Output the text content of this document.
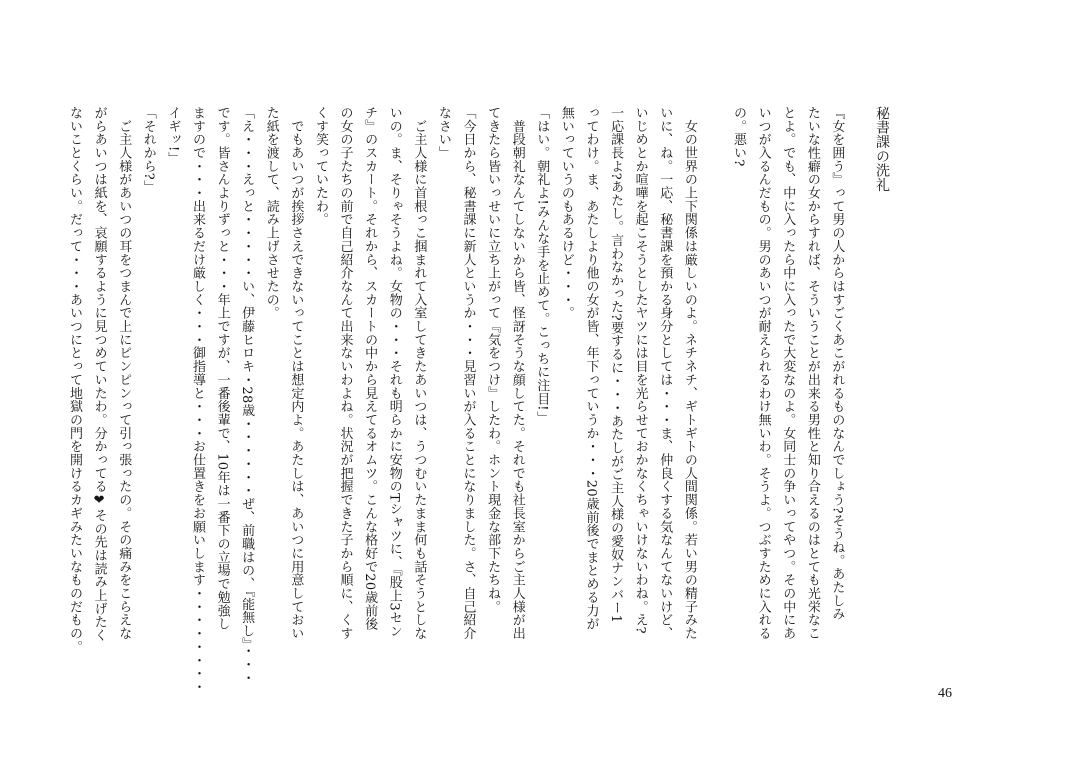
秘書課の洗礼
『女を囲う』って男の人からはすごくあこがれるものなんでしょう?そうね。あたしみ
たいな性癖の女からすれば、そういうことが出来る男性と知り合えるのはとても光栄なこ
とよ。でも、中に入ったら中に入ったで大変なのよ。女同士の争いってやつ。その中にあ
いつが入るんだもの。男のあいつが耐えられるわけ無いわ。そうよ。つぶすために入れる
の。悪い?
　女の世界の上下関係は厳しいのよ。ネチネチ、ギトギトの人間関係。若い男の精子みた
いに、ね。一応、秘書課を預かる身分としては・・・ま、仲良くする気なんてないけど、
いじめとか喧嘩を起こそうとしたヤツには目を光らせておかなくちゃいけないわね。え?
一応課長よ?あたし。言わなかった?要するに・・・あたしがご主人様の愛奴ナンバー1
ってわけ。ま、あたしより他の女が皆、年下っていうか・・・20歳前後でまとめる力が
無いっていうのもあるけど・・・。
「はい。朝礼よ!みんな手を止めて。こっちに注目!」
　普段朝礼なんてしないから皆、怪訝そうな顔してた。それでも社長室からご主人様が出
てきたら皆いっせいに立ち上がって『気をつけ』したわ。ホント現金な部下たちね。
「今日から、秘書課に新人というか・・・見習いが入ることになりました。さ、自己紹介
なさい」
　ご主人様に首根っこ掴まれて入室してきたあいつは、うつむいたまま何も話そうとしな
いの。ま、そりゃそうよね。女物の・・・それも明らかに安物のTシャツに、『股上3セン
チ』のスカート。それから、スカートの中から見えてるオムツ。こんな格好で20歳前後
の女の子たちの前で自己紹介なんて出来ないわよね。状況が把握できた子から順に、くす
くす笑っていたわ。
　でもあいつが挨拶さえできないってことは想定内よ。あたしは、あいつに用意しておい
た紙を渡して、読み上げさせたの。
「え・・・えっと・・・・・い、伊藤ヒロキ・28歳・・・・・・ぜ、前職はの、『能無し』・・・
です。皆さんよりずっと・・・年上ですが、一番後輩で、10年は一番下の立場で勉強し
ますので・・・出来るだけ厳しく・・・御指導と・・・お仕置きをお願いします・・・・・・・・
イギッ!」
「それから?」
　ご主人様があいつの耳をつまんで上にピンピンって引っ張ったの。その痛みをこらえな
がらあいつは紙を、哀願するように見つめていたわ。分かってる❤その先は読み上げたく
ないことくらい。だって・・・あいつにとって地獄の門を開けるカギみたいなものだもの。
46
